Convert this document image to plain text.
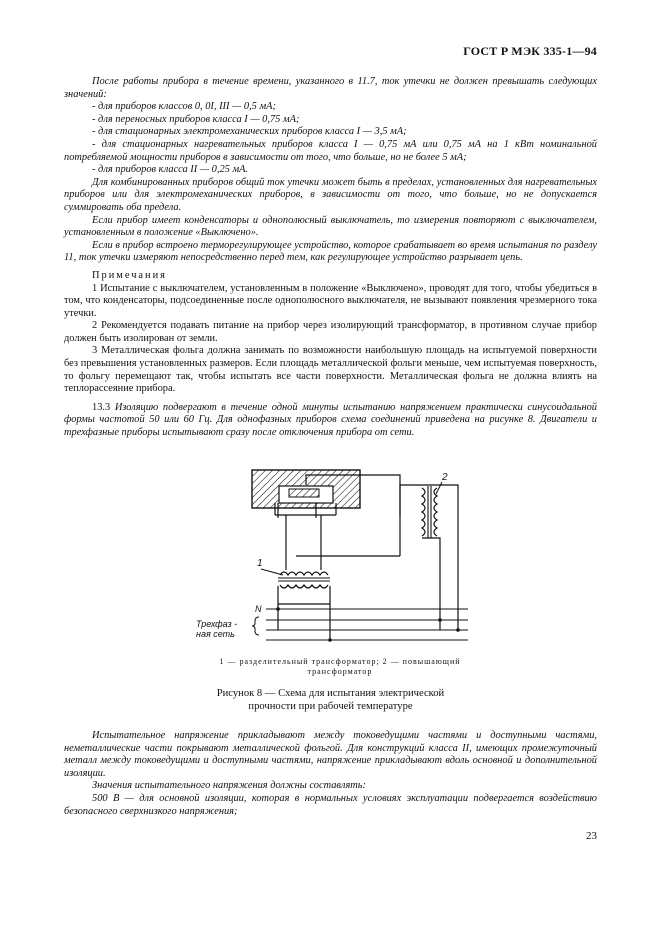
ГОСТ Р МЭК 335-1—94

После работы прибора в течение времени, указанного в 11.7, ток утечки не должен превышать следующих значений:

- для приборов классов 0, 0I, III — 0,5 мА;

- для переносных приборов класса I — 0,75 мА;

- для стационарных электромеханических приборов класса I — 3,5 мА;

- для стационарных нагревательных приборов класса I — 0,75 мА или 0,75 мА на 1 кВт номинальной потребляемой мощности приборов в зависимости от того, что больше, но не более 5 мА;

- для приборов класса II — 0,25 мА.

Для комбинированных приборов общий ток утечки может быть в пределах, установленных для нагревательных приборов или для электромеханических приборов, в зависимости от того, что больше, но не допускается суммировать оба предела.

Если прибор имеет конденсаторы и однополюсный выключатель, то измерения повторяют с выключателем, установленным в положение «Выключено».

Если в прибор встроено терморегулирующее устройство, которое срабатывает во время испытания по разделу 11, ток утечки измеряют непосредственно перед тем, как регулирующее устройство разрывает цепь.

Примечания

1 Испытание с выключателем, установленным в положение «Выключено», проводят для того, чтобы убедиться в том, что конденсаторы, подсоединенные после однополюсного выключателя, не вызывают появления чрезмерного тока утечки.

2 Рекомендуется подавать питание на прибор через изолирующий трансформатор, в противном случае прибор должен быть изолирован от земли.

3 Металлическая фольга должна занимать по возможности наибольшую площадь на испытуемой поверхности без превышения установленных размеров. Если площадь металлической фольги меньше, чем испытуемая поверхность, то фольгу перемещают так, чтобы испытать все части поверхности. Металлическая фольга не должна влиять на теплорассеяние прибора.

13.3 Изоляцию подвергают в течение одной минуты испытанию напряжением практически синусоидальной формы частотой 50 или 60 Гц. Для однофазных приборов схема соединений приведена на рисунке 8. Двигатели и трехфазные приборы испытывают сразу после отключения прибора от сети.

1
2
N
Трехфаз -
ная сеть
1 — разделительный трансформатор; 2 — повышающий
трансформатор
Рисунок 8 — Схема для испытания электрической
прочности при рабочей температуре

Испытательное напряжение прикладывают между токоведущими частями и доступными частями, неметаллические части покрывают металлической фольгой. Для конструкций класса II, имеющих промежуточный металл между токоведущими и доступными частями, напряжение прикладывают вдоль основной и дополнительной изоляции.

Значения испытательного напряжения должны составлять:

500 В — для основной изоляции, которая в нормальных условиях эксплуатации подвергается воздействию безопасного сверхнизкого напряжения;

23
